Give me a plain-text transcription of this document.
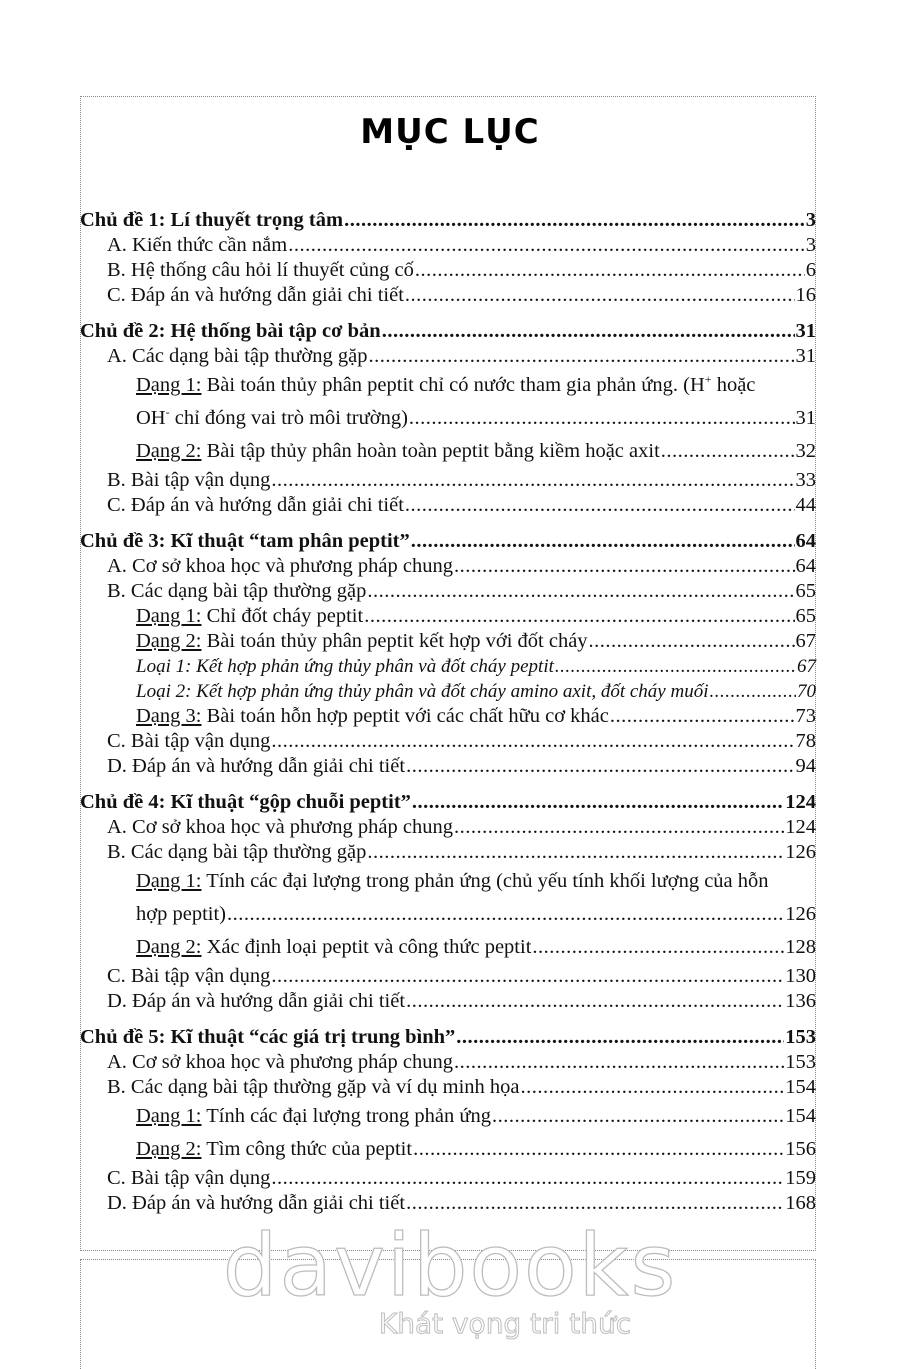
MỤC LỤC
Chủ đề 1: Lí thuyết trọng tâm .....	3
A. Kiến thức cần nắm .....	3
B. Hệ thống câu hỏi lí thuyết củng cố .....	6
C. Đáp án và hướng dẫn giải chi tiết .....	16
Chủ đề 2: Hệ thống bài tập cơ bản .....	31
A. Các dạng bài tập thường gặp .....	31
Dạng 1: Bài toán thủy phân peptit chỉ có nước tham gia phản ứng. (H+ hoặc
OH- chỉ đóng vai trò môi trường) .....	31
Dạng 2: Bài tập thủy phân hoàn toàn peptit bằng kiềm hoặc axit .....	32
B. Bài tập vận dụng .....	33
C. Đáp án và hướng dẫn giải chi tiết .....	44
Chủ đề 3: Kĩ thuật “tam phân peptit” .....	64
A. Cơ sở khoa học và phương pháp chung .....	64
B. Các dạng bài tập thường gặp .....	65
Dạng 1: Chỉ đốt cháy peptit .....	65
Dạng 2: Bài toán thủy phân peptit kết hợp với đốt cháy .....	67
Loại 1: Kết hợp phản ứng thủy phân và đốt cháy peptit .....	67
Loại 2: Kết hợp phản ứng thủy phân và đốt cháy amino axit, đốt cháy muối .....	70
Dạng 3: Bài toán hỗn hợp peptit với các chất hữu cơ khác .....	73
C. Bài tập vận dụng .....	78
D. Đáp án và hướng dẫn giải chi tiết .....	94
Chủ đề 4: Kĩ thuật “gộp chuỗi peptit” .....	124
A. Cơ sở khoa học và phương pháp chung .....	124
B. Các dạng bài tập thường gặp .....	126
Dạng 1: Tính các đại lượng trong phản ứng (chủ yếu tính khối lượng của hỗn
hợp peptit) .....	126
Dạng 2: Xác định loại peptit và công thức peptit .....	128
C. Bài tập vận dụng .....	130
D. Đáp án và hướng dẫn giải chi tiết .....	136
Chủ đề 5: Kĩ thuật “các giá trị trung bình” .....	153
A. Cơ sở khoa học và phương pháp chung .....	153
B. Các dạng bài tập thường gặp và ví dụ minh họa .....	154
Dạng 1: Tính các đại lượng trong phản ứng .....	154
Dạng 2: Tìm công thức của peptit .....	156
C. Bài tập vận dụng .....	159
D. Đáp án và hướng dẫn giải chi tiết .....	168
davibooks
Khát vọng tri thức
